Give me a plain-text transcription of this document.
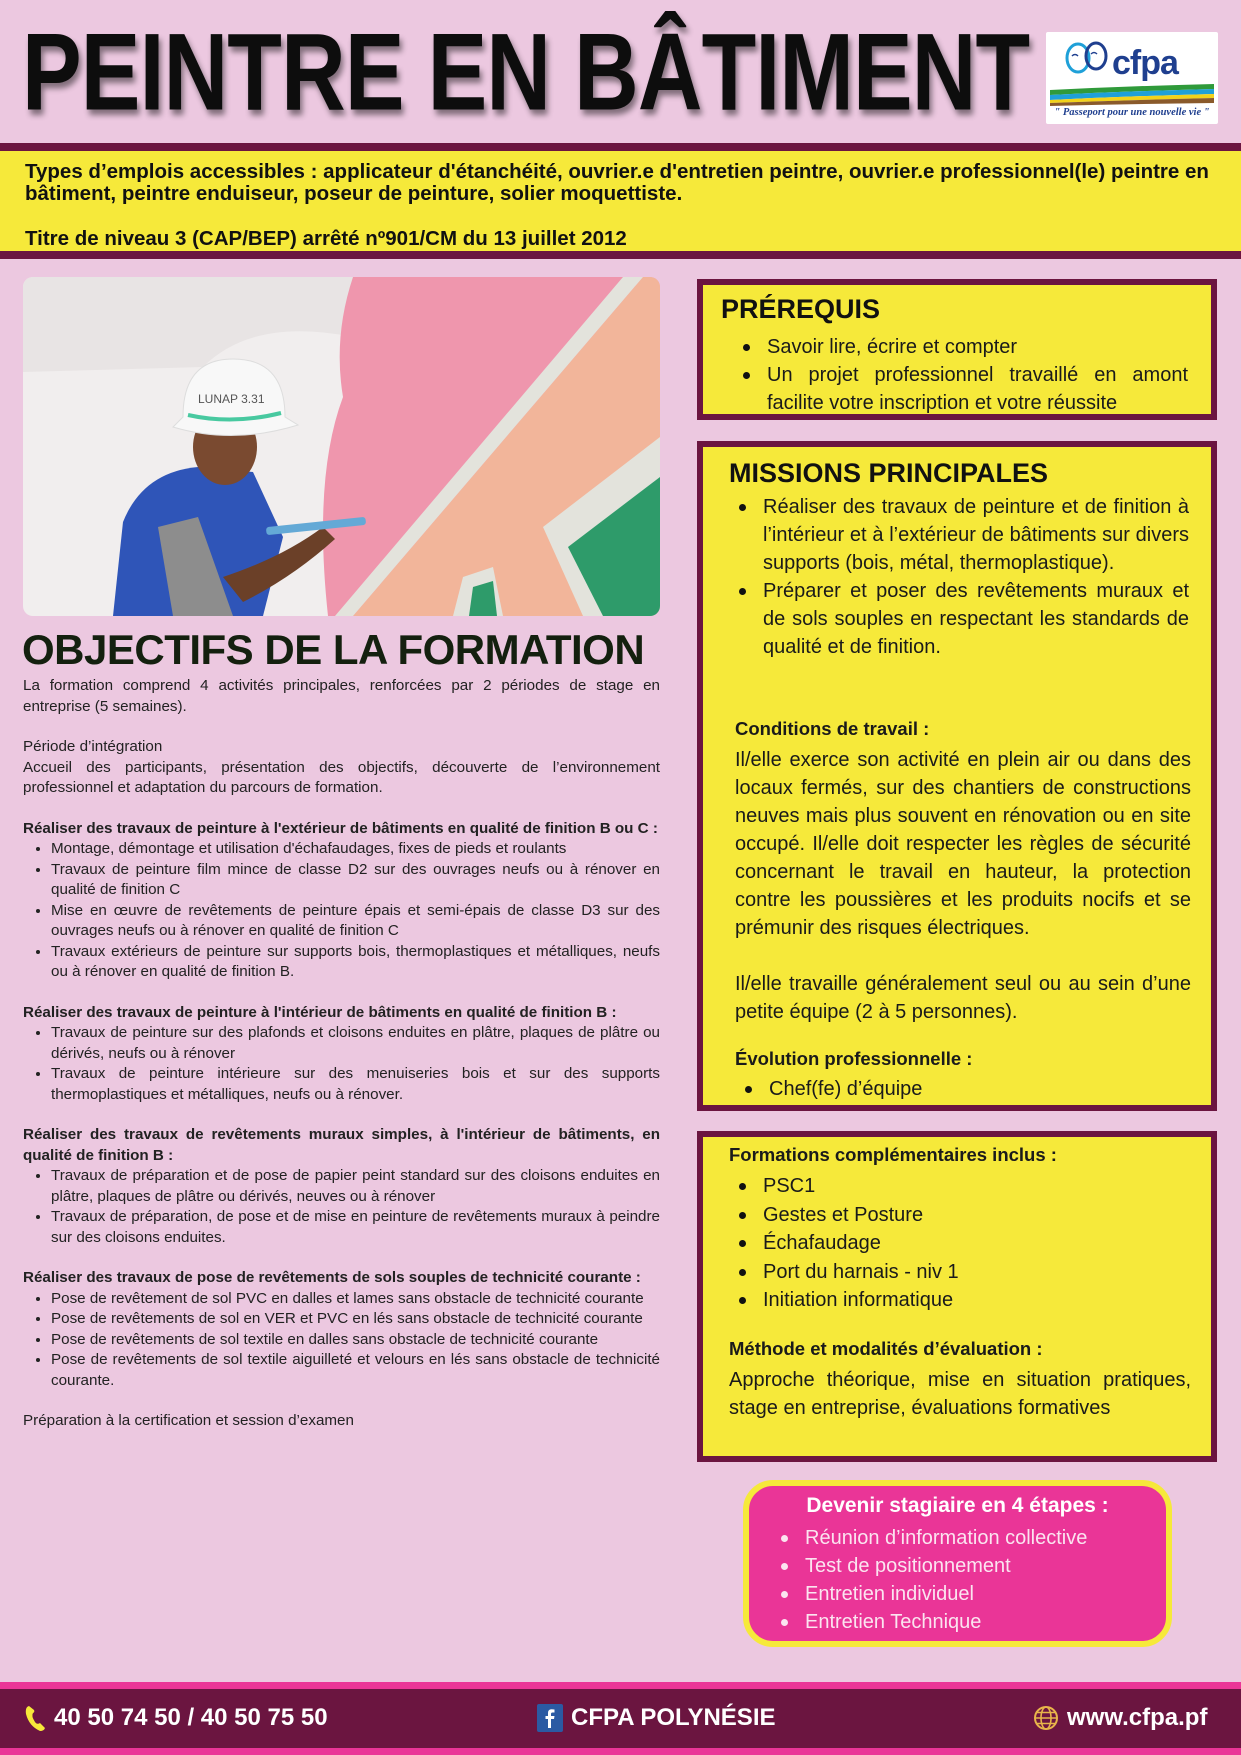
PEINTRE EN BÂTIMENT cfpa
" Passeport pour une nouvelle vie "
Types d’emplois accessibles : applicateur d'étanchéité, ouvrier.e d'entretien peintre, ouvrier.e professionnel(le) peintre en bâtiment, peintre enduiseur, poseur de peinture, solier moquettiste.
Titre de niveau 3 (CAP/BEP) arrêté nº901/CM du 13 juillet 2012
LUNAP 3.31
OBJECTIFS DE LA FORMATION

La formation comprend 4 activités principales, renforcées par 2 périodes de stage en entreprise (5 semaines).

Période d’intégration

Accueil des participants, présentation des objectifs, découverte de l’environnement professionnel et adaptation du parcours de formation.

Réaliser des travaux de peinture à l'extérieur de bâtiments en qualité de finition B ou C :

• Montage, démontage et utilisation d'échafaudages, fixes de pieds et roulants
• Travaux de peinture film mince de classe D2 sur des ouvrages neufs ou à rénover en qualité de finition C
• Mise en œuvre de revêtements de peinture épais et semi-épais de classe D3 sur des ouvrages neufs ou à rénover en qualité de finition C
• Travaux extérieurs de peinture sur supports bois, thermoplastiques et métalliques, neufs ou à rénover en qualité de finition B.

Réaliser des travaux de peinture à l'intérieur de bâtiments en qualité de finition B :

• Travaux de peinture sur des plafonds et cloisons enduites en plâtre, plaques de plâtre ou dérivés, neufs ou à rénover
• Travaux de peinture intérieure sur des menuiseries bois et sur des supports thermoplastiques et métalliques, neufs ou à rénover.

Réaliser des travaux de revêtements muraux simples, à l'intérieur de bâtiments, en qualité de finition B :

• Travaux de préparation et de pose de papier peint standard sur des cloisons enduites en plâtre, plaques de plâtre ou dérivés, neuves ou à rénover
• Travaux de préparation, de pose et de mise en peinture de revêtements muraux à peindre sur des cloisons enduites.

Réaliser des travaux de pose de revêtements de sols souples de technicité courante :

• Pose de revêtement de sol PVC en dalles et lames sans obstacle de technicité courante
• Pose de revêtements de sol en VER et PVC en lés sans obstacle de technicité courante
• Pose de revêtements de sol textile en dalles sans obstacle de technicité courante
• Pose de revêtements de sol textile aiguilleté et velours en lés sans obstacle de technicité courante.

Préparation à la certification et session d’examen

PRÉREQUIS
Savoir lire, écrire et compter
Un projet professionnel travaillé en amont facilite votre inscription et votre réussite
MISSIONS PRINCIPALES
Réaliser des travaux de peinture et de finition à l’intérieur et à l’extérieur de bâtiments sur divers supports (bois, métal, thermoplastique).
Préparer et poser des revêtements muraux et de sols souples en respectant les standards de qualité et de finition.
Conditions de travail :

Il/elle exerce son activité en plein air ou dans des locaux fermés, sur des chantiers de constructions neuves mais plus souvent en rénovation ou en site occupé. Il/elle doit respecter les règles de sécurité concernant le travail en hauteur, la protection contre les poussières et les produits nocifs et se prémunir des risques électriques.

Il/elle travaille généralement seul ou au sein d’une petite équipe (2 à 5 personnes).

Évolution professionnelle :
Chef(fe) d’équipe
Formations complémentaires inclus :
PSC1
Gestes et Posture
Échafaudage
Port du harnais - niv 1
Initiation informatique
Méthode et modalités d’évaluation :

Approche théorique, mise en situation pratiques, stage en entreprise, évaluations formatives

Devenir stagiaire en 4 étapes :
Réunion d’information collective
Test de positionnement
Entretien individuel
Entretien Technique
40 50 74 50 / 40 50 75 50	CFPA POLYNÉSIE	www.cfpa.pf
